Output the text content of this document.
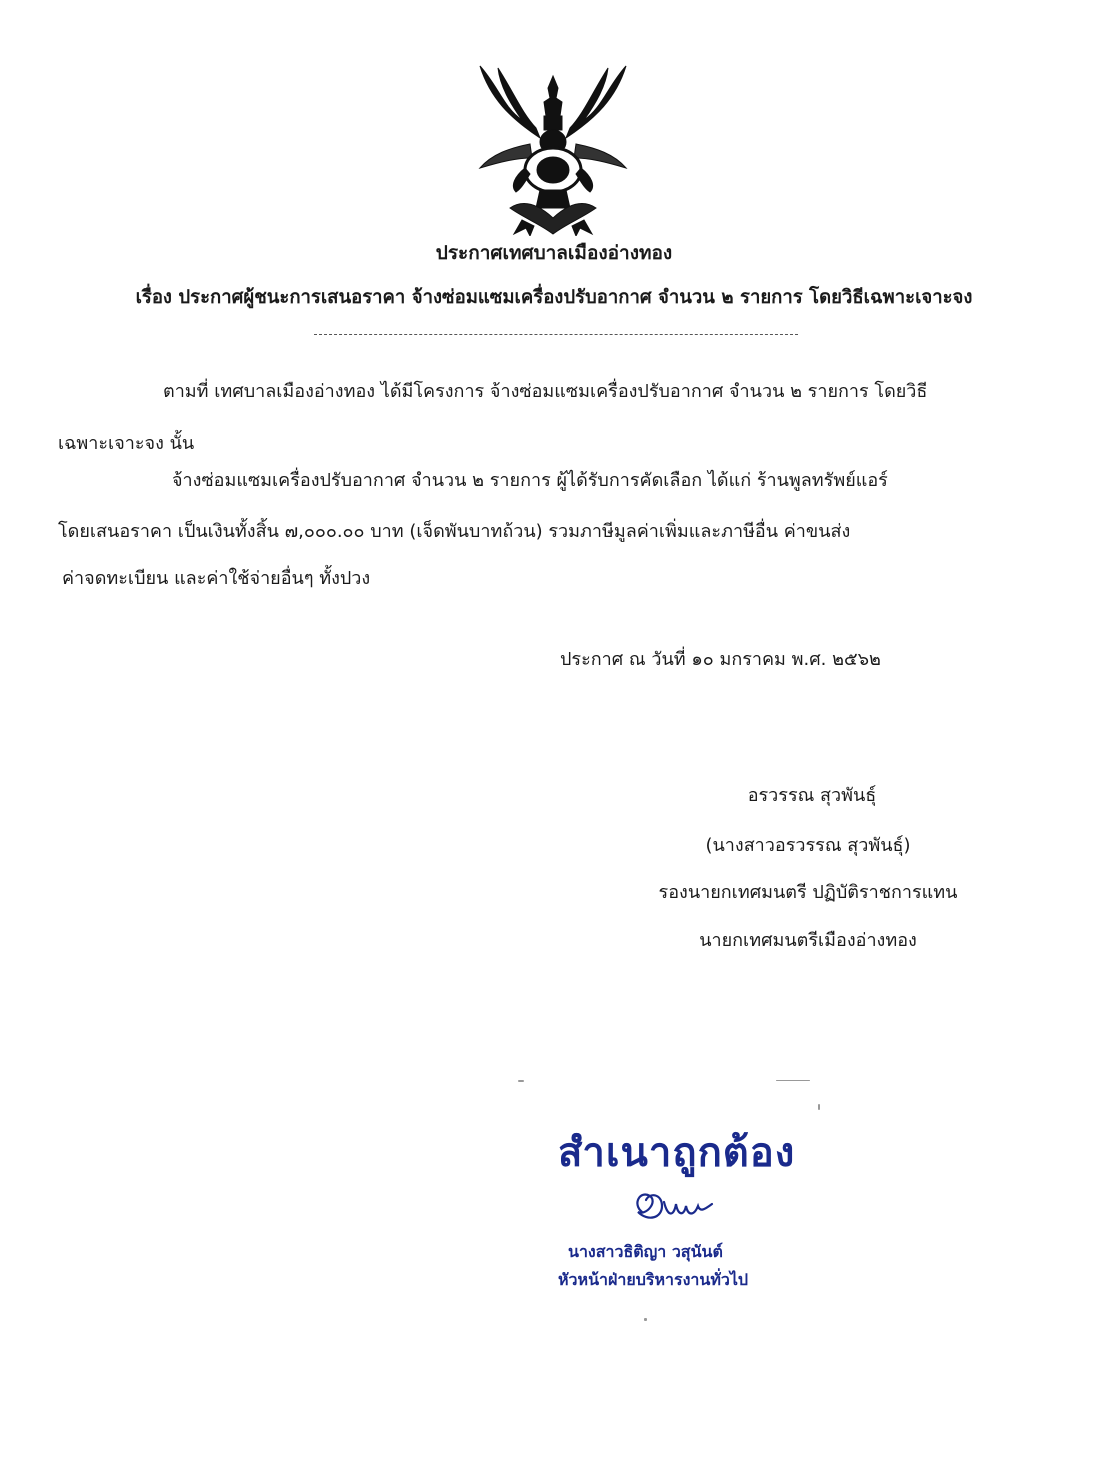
ประกาศเทศบาลเมืองอ่างทอง
เรื่อง ประกาศผู้ชนะการเสนอราคา จ้างซ่อมแซมเครื่องปรับอากาศ จำนวน ๒ รายการ โดยวิธีเฉพาะเจาะจง
ตามที่ เทศบาลเมืองอ่างทอง ได้มีโครงการ จ้างซ่อมแซมเครื่องปรับอากาศ จำนวน ๒ รายการ โดยวิธี
เฉพาะเจาะจง นั้น
จ้างซ่อมแซมเครื่องปรับอากาศ จำนวน ๒ รายการ ผู้ได้รับการคัดเลือก ได้แก่ ร้านพูลทรัพย์แอร์
โดยเสนอราคา เป็นเงินทั้งสิ้น ๗,๐๐๐.๐๐ บาท (เจ็ดพันบาทถ้วน) รวมภาษีมูลค่าเพิ่มและภาษีอื่น ค่าขนส่ง
ค่าจดทะเบียน และค่าใช้จ่ายอื่นๆ ทั้งปวง
ประกาศ ณ วันที่ ๑๐ มกราคม พ.ศ. ๒๕๖๒
อรวรรณ สุวพันธุ์
(นางสาวอรวรรณ สุวพันธุ์)
รองนายกเทศมนตรี ปฏิบัติราชการแทน
นายกเทศมนตรีเมืองอ่างทอง
สำเนาถูกต้อง
นางสาวธิติญา วสุนันต์
หัวหน้าฝ่ายบริหารงานทั่วไป
